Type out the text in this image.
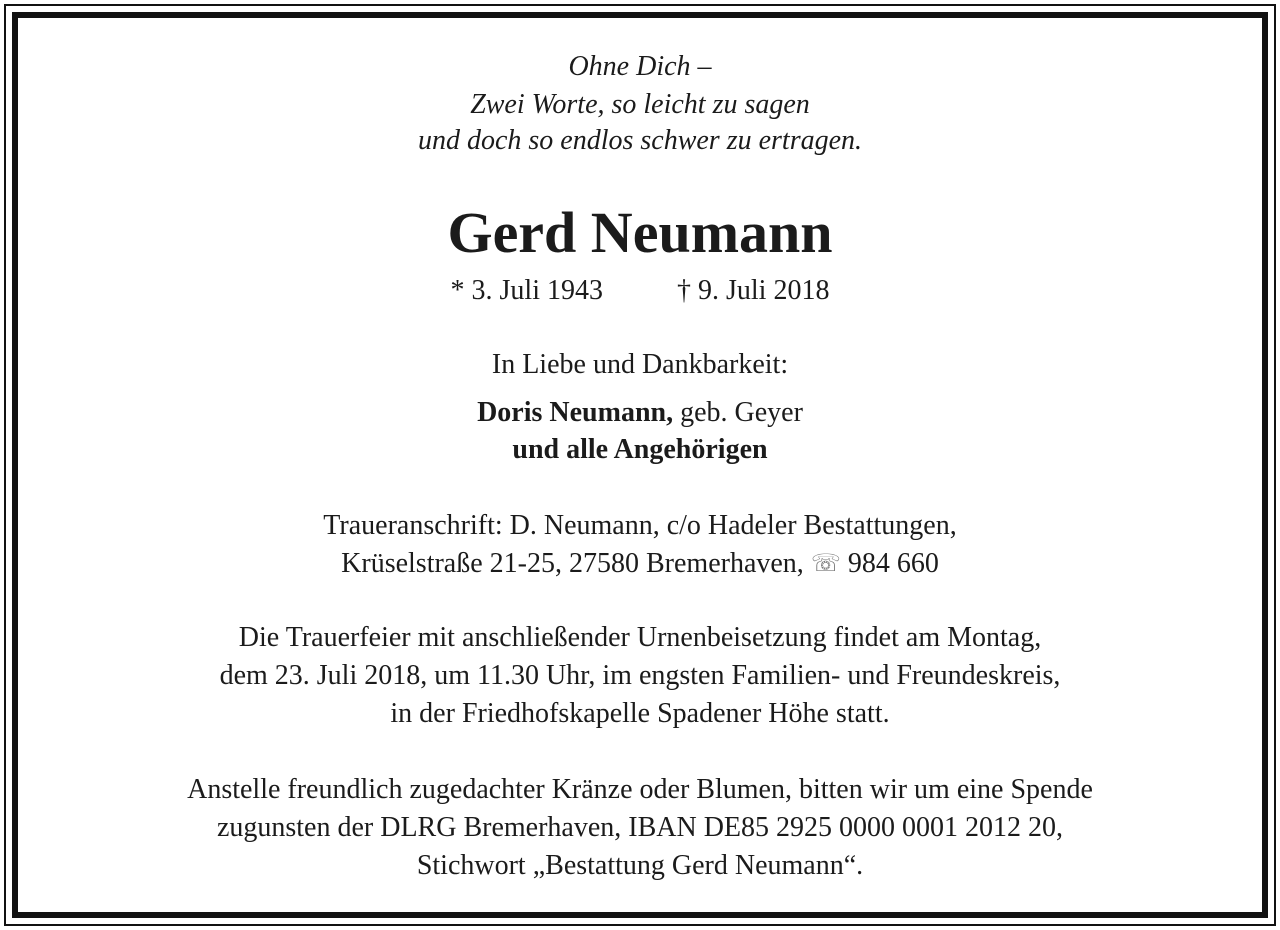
Ohne Dich –
Zwei Worte, so leicht zu sagen
und doch so endlos schwer zu ertragen.
Gerd Neumann
* 3. Juli 1943	† 9. Juli 2018
In Liebe und Dankbarkeit:
Doris Neumann, geb. Geyer
und alle Angehörigen
Traueranschrift: D. Neumann, c/o Hadeler Bestattungen,
Krüselstraße 21-25, 27580 Bremerhaven, ☏ 984 660
Die Trauerfeier mit anschließender Urnenbeisetzung findet am Montag,
dem 23. Juli 2018, um 11.30 Uhr, im engsten Familien- und Freundeskreis,
in der Friedhofskapelle Spadener Höhe statt.
Anstelle freundlich zugedachter Kränze oder Blumen, bitten wir um eine Spende
zugunsten der DLRG Bremerhaven, IBAN DE85 2925 0000 0001 2012 20,
Stichwort „Bestattung Gerd Neumann“.
